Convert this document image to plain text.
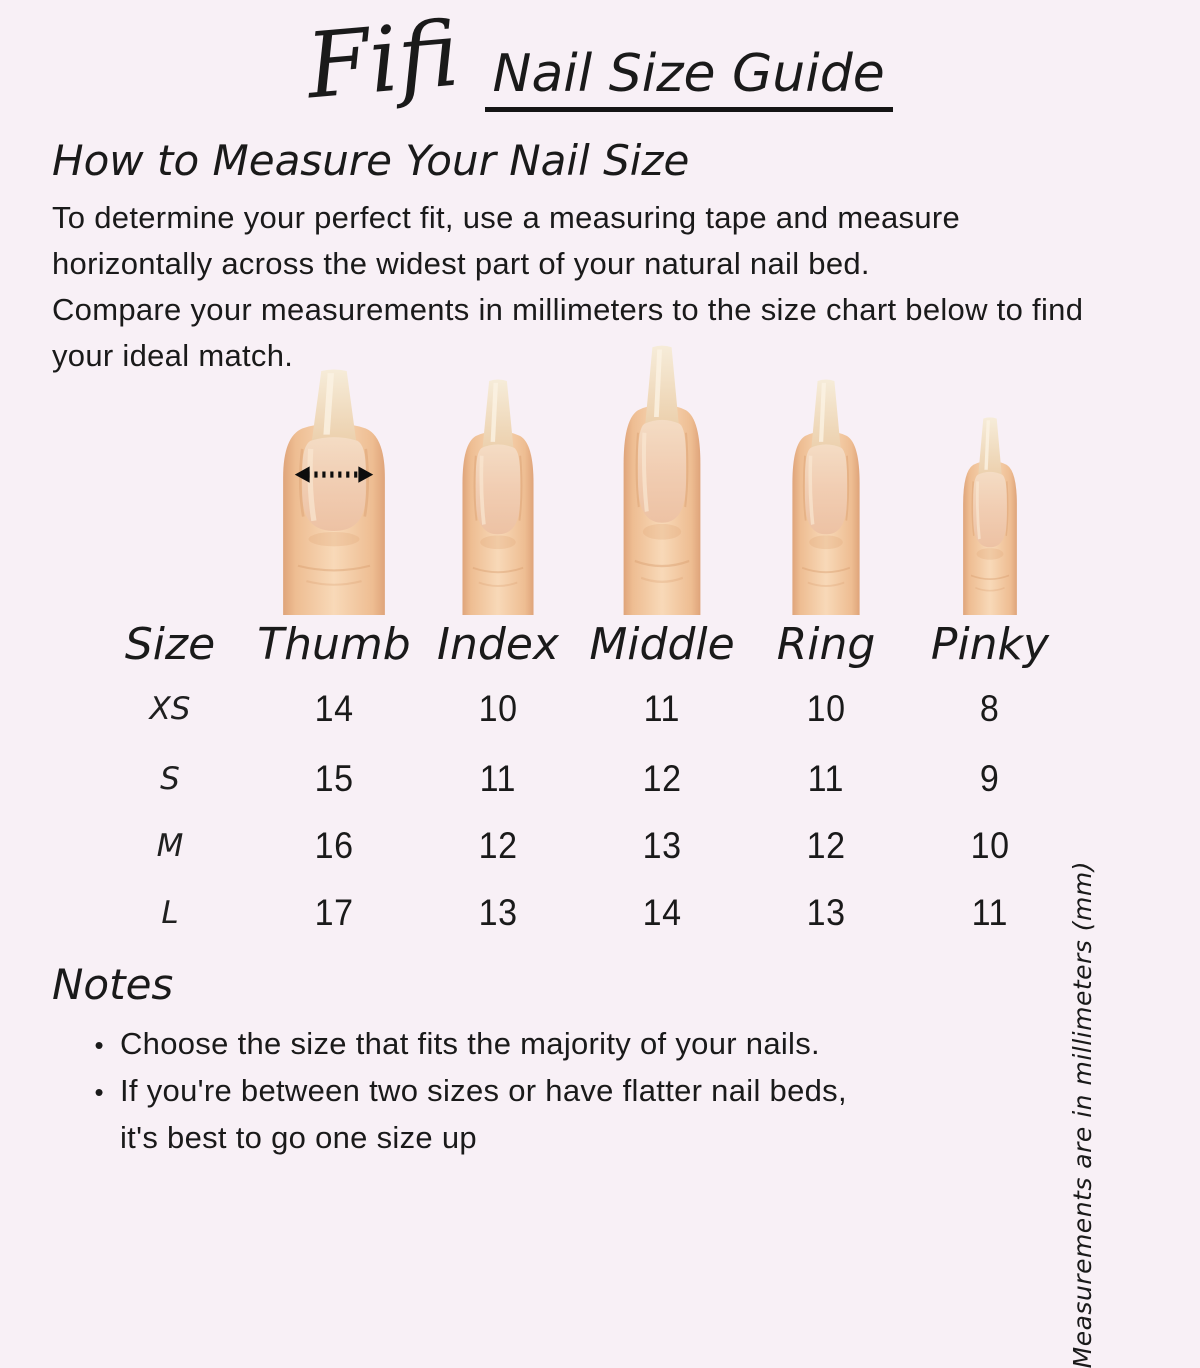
Fifi Nail Size Guide
How to Measure Your Nail Size
To determine your perfect fit, use a measuring tape and measure
horizontally across the widest part of your natural nail bed.
Compare your measurements in millimeters to the size chart below to find
your ideal match.
Size Thumb Index Middle Ring Pinky
XS	14	10	11	10	8
S	15	11	12	11	9
M	16	12	13	12	10
L	17	13	14	13	11 Measurements are in millimeters (mm)
Notes
• Choose the size that fits the majority of your nails.
• If you're between two sizes or have flatter nail beds,
it's best to go one size up
